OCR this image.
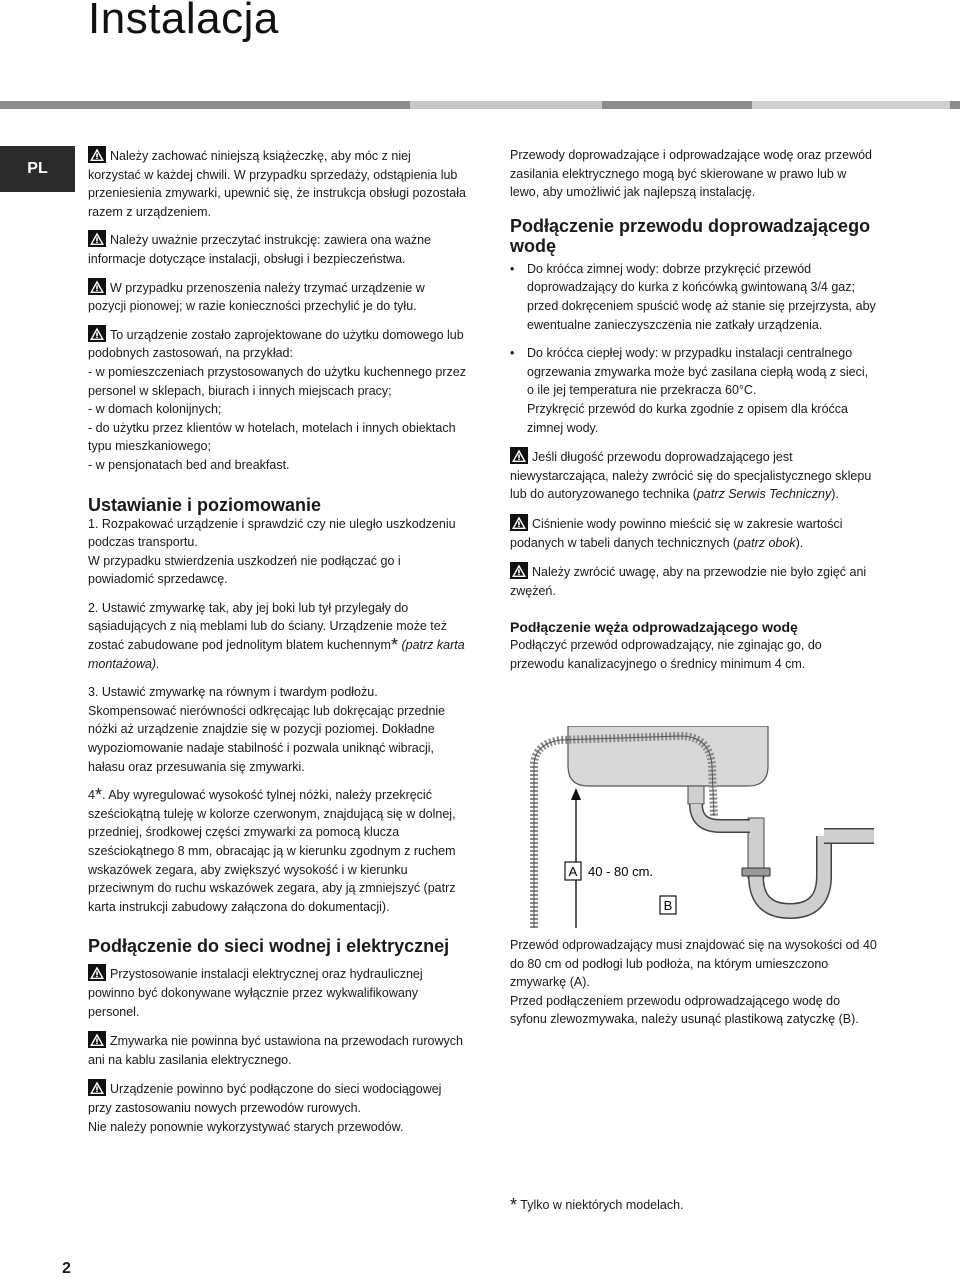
Instalacja
PL

Należy zachować niniejszą książeczkę, aby móc z niej korzystać w każdej chwili. W przypadku sprzedaży, odstąpienia lub przeniesienia zmywarki, upewnić się, że instrukcja obsługi pozostała razem z urządzeniem.

Należy uważnie przeczytać instrukcję: zawiera ona ważne informacje dotyczące instalacji, obsługi i bezpieczeństwa.

W przypadku przenoszenia należy trzymać urządzenie w pozycji pionowej; w razie konieczności przechylić je do tyłu.

To urządzenie zostało zaprojektowane do użytku domowego lub podobnych zastosowań, na przykład:

- w pomieszczeniach przystosowanych do użytku kuchennego przez personel w sklepach, biurach i innych miejscach pracy;

- w domach kolonijnych;

- do użytku przez klientów w hotelach, motelach i innych obiektach typu mieszkaniowego;

- w pensjonatach bed and breakfast.

Ustawianie i poziomowanie

1. Rozpakować urządzenie i sprawdzić czy nie uległo uszkodzeniu podczas transportu.

W przypadku stwierdzenia uszkodzeń nie podłączać go i powiadomić sprzedawcę.

2. Ustawić zmywarkę tak, aby jej boki lub tył przylegały do sąsiadujących z nią meblami lub do ściany. Urządzenie może też zostać zabudowane pod jednolitym blatem kuchennym* (patrz karta montażowa).

3. Ustawić zmywarkę na równym i twardym podłożu. Skompensować nierówności odkręcając lub dokręcając przednie nóżki aż urządzenie znajdzie się w pozycji poziomej. Dokładne wypoziomowanie nadaje stabilność i pozwala uniknąć wibracji, hałasu oraz przesuwania się zmywarki.

4*. Aby wyregulować wysokość tylnej nóżki, należy przekręcić sześciokątną tuleję w kolorze czerwonym, znajdującą się w dolnej, przedniej, środkowej części zmywarki za pomocą klucza sześciokątnego 8 mm, obracając ją w kierunku zgodnym z ruchem wskazówek zegara, aby zwiększyć wysokość i w kierunku przeciwnym do ruchu wskazówek zegara, aby ją zmniejszyć (patrz karta instrukcji zabudowy załączona do dokumentacji).

Podłączenie do sieci wodnej i elektrycznej

Przystosowanie instalacji elektrycznej oraz hydraulicznej powinno być dokonywane wyłącznie przez wykwalifikowany personel.

Zmywarka nie powinna być ustawiona na przewodach rurowych ani na kablu zasilania elektrycznego.

Urządzenie powinno być podłączone do sieci wodociągowej przy zastosowaniu nowych przewodów rurowych.

Nie należy ponownie wykorzystywać starych przewodów.

Przewody doprowadzające i odprowadzające wodę oraz przewód zasilania elektrycznego mogą być skierowane w prawo lub w lewo, aby umożliwić jak najlepszą instalację.

Podłączenie przewodu doprowadzającego wodę
• Do króćca zimnej wody: dobrze przykręcić przewód doprowadzający do kurka z końcówką gwintowaną 3/4 gaz; przed dokręceniem spuścić wodę aż stanie się przejrzysta, aby ewentualne zanieczyszczenia nie zatkały urządzenia.
• Do króćca ciepłej wody: w przypadku instalacji centralnego ogrzewania zmywarka może być zasilana ciepłą wodą z sieci, o ile jej temperatura nie przekracza 60°C.
Przykręcić przewód do kurka zgodnie z opisem dla króćca zimnej wody.

Jeśli długość przewodu doprowadzającego jest niewystarczająca, należy zwrócić się do specjalistycznego sklepu lub do autoryzowanego technika (patrz Serwis Techniczny).

Ciśnienie wody powinno mieścić się w zakresie wartości podanych w tabeli danych technicznych (patrz obok).

Należy zwrócić uwagę, aby na przewodzie nie było zgięć ani zwężeń.

Podłączenie węża odprowadzającego wodę

Podłączyć przewód odprowadzający, nie zginając go, do przewodu kanalizacyjnego o średnicy minimum 4 cm.

A 40 - 80 cm.
B

Przewód odprowadzający musi znajdować się na wysokości od 40 do 80 cm od podłogi lub podłoża, na którym umieszczono zmywarkę (A).

Przed podłączeniem przewodu odprowadzającego wodę do syfonu zlewozmywaka, należy usunąć plastikową zatyczkę (B).

* Tylko w niektórych modelach.

2
